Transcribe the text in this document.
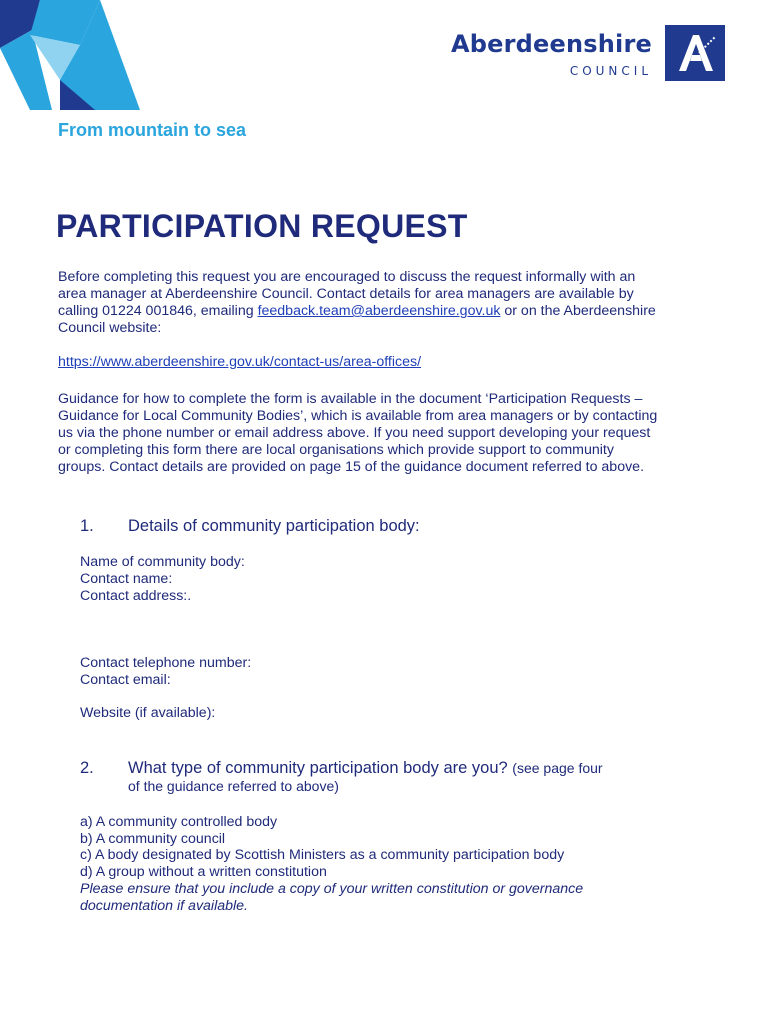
Aberdeenshire
COUNCIL
From mountain to sea
PARTICIPATION REQUEST
Before completing this request you are encouraged to discuss the request informally with an area manager at Aberdeenshire Council. Contact details for area managers are available by calling 01224 001846, emailing feedback.team@aberdeenshire.gov.uk or on the Aberdeenshire Council website:
https://www.aberdeenshire.gov.uk/contact-us/area-offices/
Guidance for how to complete the form is available in the document ‘Participation Requests – Guidance for Local Community Bodies’, which is available from area managers or by contacting us via the phone number or email address above. If you need support developing your request or completing this form there are local organisations which provide support to community groups. Contact details are provided on page 15 of the guidance document referred to above.
1. Details of community participation body:
Name of community body:
Contact name:
Contact address:.
Contact telephone number:
Contact email:
Website (if available):
2. What type of community participation body are you? (see page four
of the guidance referred to above)
a) A community controlled body
b) A community council
c) A body designated by Scottish Ministers as a community participation body
d) A group without a written constitution
Please ensure that you include a copy of your written constitution or governance documentation if available.
